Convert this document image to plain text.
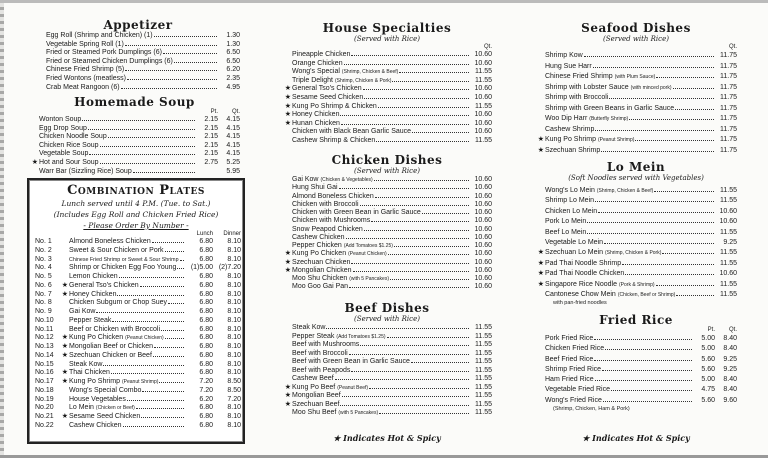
Appetizer
Egg Roll (Shrimp and Chicken) (1)	1.30
Vegetable Spring Roll (1)	1.30
Fried or Steamed Pork Dumplings (6)	6.50
Fried or Steamed Chicken Dumplings (6)	6.50
Chinese Fried Shrimp (5)	6.20
Fried Wontons (meatless)	2.35
Crab Meat Rangoon (6)	4.95
Homemade Soup
Pt.	Qt.
Wonton Soup	2.15	4.15
Egg Drop Soup	2.15	4.15
Chicken Noodle Soup	2.15	4.15
Chicken Rice Soup	2.15	4.15
Vegetable Soup	2.15	4.15
★ Hot and Sour Soup	2.75	5.25
Warr Bar (Sizzling Rice) Soup	5.95
Combination Plates
Lunch served until 4 P.M. (Tue. to Sat.)
(Includes Egg Roll and Chicken Fried Rice)
- Please Order By Number -
Lunch	Dinner
No. 1	Almond Boneless Chicken	6.80	8.10
No. 2	Sweet & Sour Chicken or Pork	6.80	8.10
No. 3	Chinese Fried Shrimp or Sweet & Sour Shrimp	6.80	8.10
No. 4	Shrimp or Chicken Egg Foo Young	(1)5.00 (2)7.20
No. 5	Lemon Chicken	6.80	8.10
No. 6	★ General Tso's Chicken	6.80	8.10
No. 7	★ Honey Chicken	6.80	8.10
No. 8	Chicken Subgum or Chop Suey	6.80	8.10
No. 9	Gai Kow	6.80	8.10
No.10	Pepper Steak	6.80	8.10
No.11	Beef or Chicken with Broccoli	6.80	8.10
No.12	★ Kung Po Chicken (Peanut Chicken)	6.80	8.10
No.13	★ Mongolian Beef or Chicken	6.80	8.10
No.14	★ Szechuan Chicken or Beef	6.80	8.10
No.15	Steak Kow	6.80	8.10
No.16	★ Thai Chicken	6.80	8.10
No.17	★ Kung Po Shrimp (Peanut Shrimp)	7.20	8.50
No.18	Wong's Special Combo	7.20	8.50
No.19	House Vegetables	6.20	7.20
No.20	Lo Mein (Chicken or Beef)	6.80	8.10
No.21	★ Sesame Seed Chicken	6.80	8.10
No.22	Cashew Chicken	6.80	8.10
House Specialties
(Served with Rice)
Qt.
Pineapple Chicken	10.60
Orange Chicken	10.60
Wong's Special (Shrimp, Chicken & Beef)	11.55
Triple Delight (Shrimp, Chicken & Pork)	11.55
★ General Tso's Chicken	10.60
★ Sesame Seed Chicken	10.60
★ Kung Po Shrimp & Chicken	11.55
★ Honey Chicken	10.60
★ Hunan Chicken	10.60
Chicken with Black Bean Garlic Sauce	10.60
Cashew Shrimp & Chicken	11.55
Chicken Dishes
(Served with Rice)
Gai Kow (Chicken & Vegetables)	10.60
Hung Shui Gai	10.60
Almond Boneless Chicken	10.60
Chicken with Broccoli	10.60
Chicken with Green Bean in Garlic Sauce	10.60
Chicken with Mushrooms	10.60
Snow Peapod Chicken	10.60
Cashew Chicken	10.60
Pepper Chicken (Add Tomatoes $1.25)	10.60
★ Kung Po Chicken (Peanut Chicken)	10.60
★ Szechuan Chicken	10.60
★ Mongolian Chicken	10.60
Moo Shu Chicken (with 5 Pancakes)	10.60
Moo Goo Gai Pan	10.60
Beef Dishes
(Served with Rice)
Steak Kow	11.55
Pepper Steak (Add Tomatoes $1.25)	11.55
Beef with Mushrooms	11.55
Beef with Broccoli	11.55
Beef with Green Bean in Garlic Sauce	11.55
Beef with Peapods	11.55
Cashew Beef	11.55
★ Kung Po Beef (Peanut Beef)	11.55
★ Mongolian Beef	11.55
★ Szechuan Beef	11.55
Moo Shu Beef (with 5 Pancakes)	11.55
★ Indicates Hot & Spicy
Seafood Dishes
(Served with Rice)
Qt.
Shrimp Kow	11.75
Hung Sue Harr	11.75
Chinese Fried Shrimp (with Plum Sauce)	11.75
Shrimp with Lobster Sauce (with minced pork)	11.75
Shrimp with Broccoli	11.75
Shrimp with Green Beans in Garlic Sauce	11.75
Woo Dip Harr (Butterfly Shrimp)	11.75
Cashew Shrimp	11.75
★ Kung Po Shrimp (Peanut Shrimp)	11.75
★ Szechuan Shrimp	11.75
Lo Mein
(Soft Noodles served with Vegetables)
Wong's Lo Mein (Shrimp, Chicken & Beef)	11.55
Shrimp Lo Mein	11.55
Chicken Lo Mein	10.60
Pork Lo Mein	10.60
Beef Lo Mein	11.55
Vegetable Lo Mein	9.25
★ Szechuan Lo Mein (Shrimp, Chicken & Pork)	11.55
★ Pad Thai Noodle Shrimp	11.55
★ Pad Thai Noodle Chicken	10.60
★ Singapore Rice Noodle (Pork & Shrimp)	11.55
Cantonese Chow Mein (Chicken, Beef or Shrimp)	11.55
with pan-fried noodles
Fried Rice
Pt.	Qt.
Pork Fried Rice	5.00	8.40
Chicken Fried Rice	5.00	8.40
Beef Fried Rice	5.60	9.25
Shrimp Fried Rice	5.60	9.25
Ham Fried Rice	5.00	8.40
Vegetable Fried Rice	4.75	8.40
Wong's Fried Rice	5.60	9.60
(Shrimp, Chicken, Ham & Pork)
★ Indicates Hot & Spicy
